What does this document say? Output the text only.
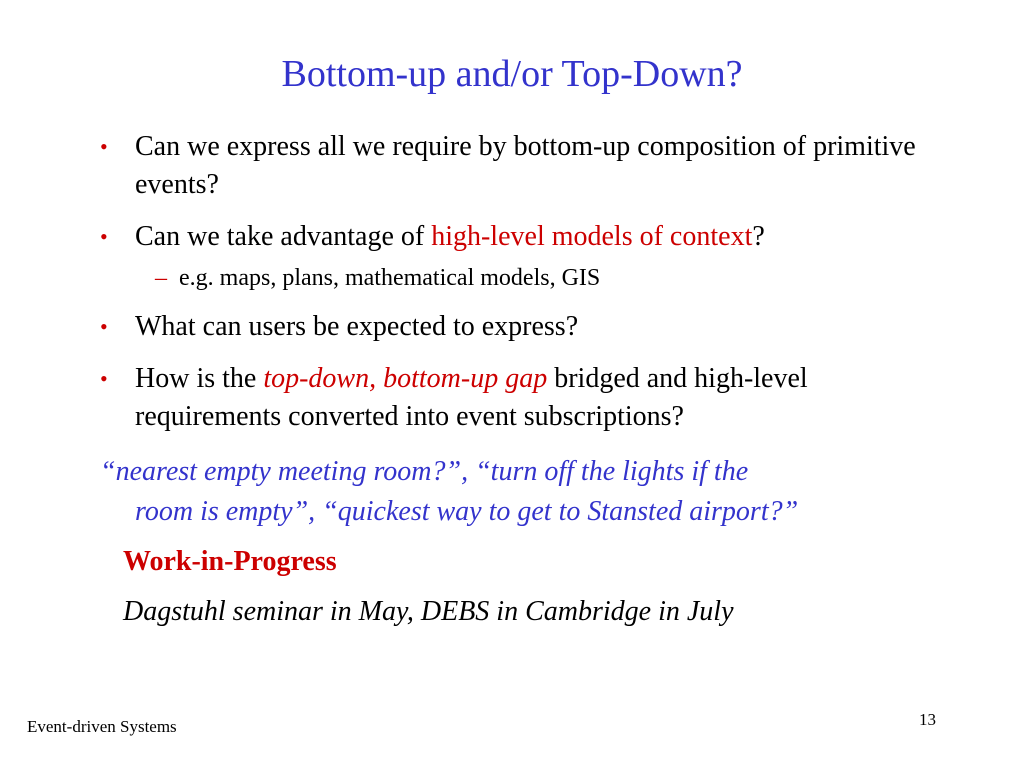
Bottom-up and/or Top-Down?
• Can we express all we require by bottom-up composition of primitive events?
• Can we take advantage of high-level models of context?
– e.g. maps, plans, mathematical models, GIS
• What can users be expected to express?
• How is the top-down, bottom-up gap bridged and high-level requirements converted into event subscriptions?
“nearest empty meeting room?”, “turn off the lights if the
room is empty”, “quickest way to get to Stansted airport?”
Work-in-Progress
Dagstuhl seminar in May, DEBS in Cambridge in July
Event-driven Systems	13
